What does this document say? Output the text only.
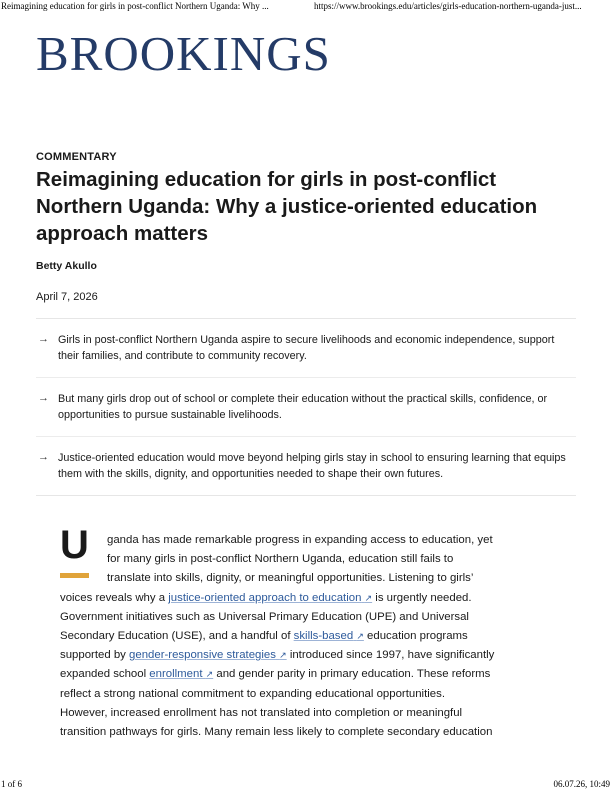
Reimagining education for girls in post-conflict Northern Uganda: Why ...	https://www.brookings.edu/articles/girls-education-northern-uganda-just...
BROOKINGS
COMMENTARY
Reimagining education for girls in post-conflict Northern Uganda: Why a justice-oriented education approach matters
Betty Akullo
April 7, 2026
→ Girls in post-conflict Northern Uganda aspire to secure livelihoods and economic independence, support their families, and contribute to community recovery.
→ But many girls drop out of school or complete their education without the practical skills, confidence, or opportunities to pursue sustainable livelihoods.
→ Justice-oriented education would move beyond helping girls stay in school to ensuring learning that equips them with the skills, dignity, and opportunities needed to shape their own futures.
U	ganda has made remarkable progress in expanding access to education, yet
for many girls in post-conflict Northern Uganda, education still fails to
translate into skills, dignity, or meaningful opportunities. Listening to girls’
voices reveals why a justice-oriented approach to education ↗ is urgently needed.
Government initiatives such as Universal Primary Education (UPE) and Universal
Secondary Education (USE), and a handful of skills-based ↗ education programs
supported by gender-responsive strategies ↗ introduced since 1997, have significantly
expanded school enrollment ↗ and gender parity in primary education. These reforms
reflect a strong national commitment to expanding educational opportunities.
However, increased enrollment has not translated into completion or meaningful
transition pathways for girls. Many remain less likely to complete secondary education
1 of 6	06.07.26, 10:49
